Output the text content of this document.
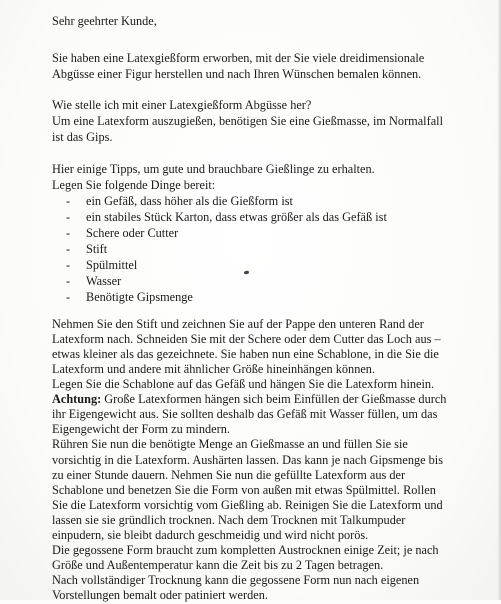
Sehr geehrter Kunde,
Sie haben eine Latexgießform erworben, mit der Sie viele dreidimensionale
Abgüsse einer Figur herstellen und nach Ihren Wünschen bemalen können.
Wie stelle ich mit einer Latexgießform Abgüsse her?
Um eine Latexform auszugießen, benötigen Sie eine Gießmasse, im Normalfall
ist das Gips.
Hier einige Tipps, um gute und brauchbare Gießlinge zu erhalten.
Legen Sie folgende Dinge bereit:
- ein Gefäß, dass höher als die Gießform ist
- ein stabiles Stück Karton, dass etwas größer als das Gefäß ist
- Schere oder Cutter
- Stift
- Spülmittel
- Wasser
- Benötigte Gipsmenge
Nehmen Sie den Stift und zeichnen Sie auf der Pappe den unteren Rand der
Latexform nach. Schneiden Sie mit der Schere oder dem Cutter das Loch aus –
etwas kleiner als das gezeichnete. Sie haben nun eine Schablone, in die Sie die
Latexform und andere mit ähnlicher Größe hineinhängen können.
Legen Sie die Schablone auf das Gefäß und hängen Sie die Latexform hinein.
Achtung: Große Latexformen hängen sich beim Einfüllen der Gießmasse durch
ihr Eigengewicht aus. Sie sollten deshalb das Gefäß mit Wasser füllen, um das
Eigengewicht der Form zu mindern.
Rühren Sie nun die benötigte Menge an Gießmasse an und füllen Sie sie
vorsichtig in die Latexform. Aushärten lassen. Das kann je nach Gipsmenge bis
zu einer Stunde dauern. Nehmen Sie nun die gefüllte Latexform aus der
Schablone und benetzen Sie die Form von außen mit etwas Spülmittel. Rollen
Sie die Latexform vorsichtig vom Gießling ab. Reinigen Sie die Latexform und
lassen sie sie gründlich trocknen. Nach dem Trocknen mit Talkumpuder
einpudern, sie bleibt dadurch geschmeidig und wird nicht porös.
Die gegossene Form braucht zum kompletten Austrocknen einige Zeit; je nach
Größe und Außentemperatur kann die Zeit bis zu 2 Tagen betragen.
Nach vollständiger Trocknung kann die gegossene Form nun nach eigenen
Vorstellungen bemalt oder patiniert werden.
